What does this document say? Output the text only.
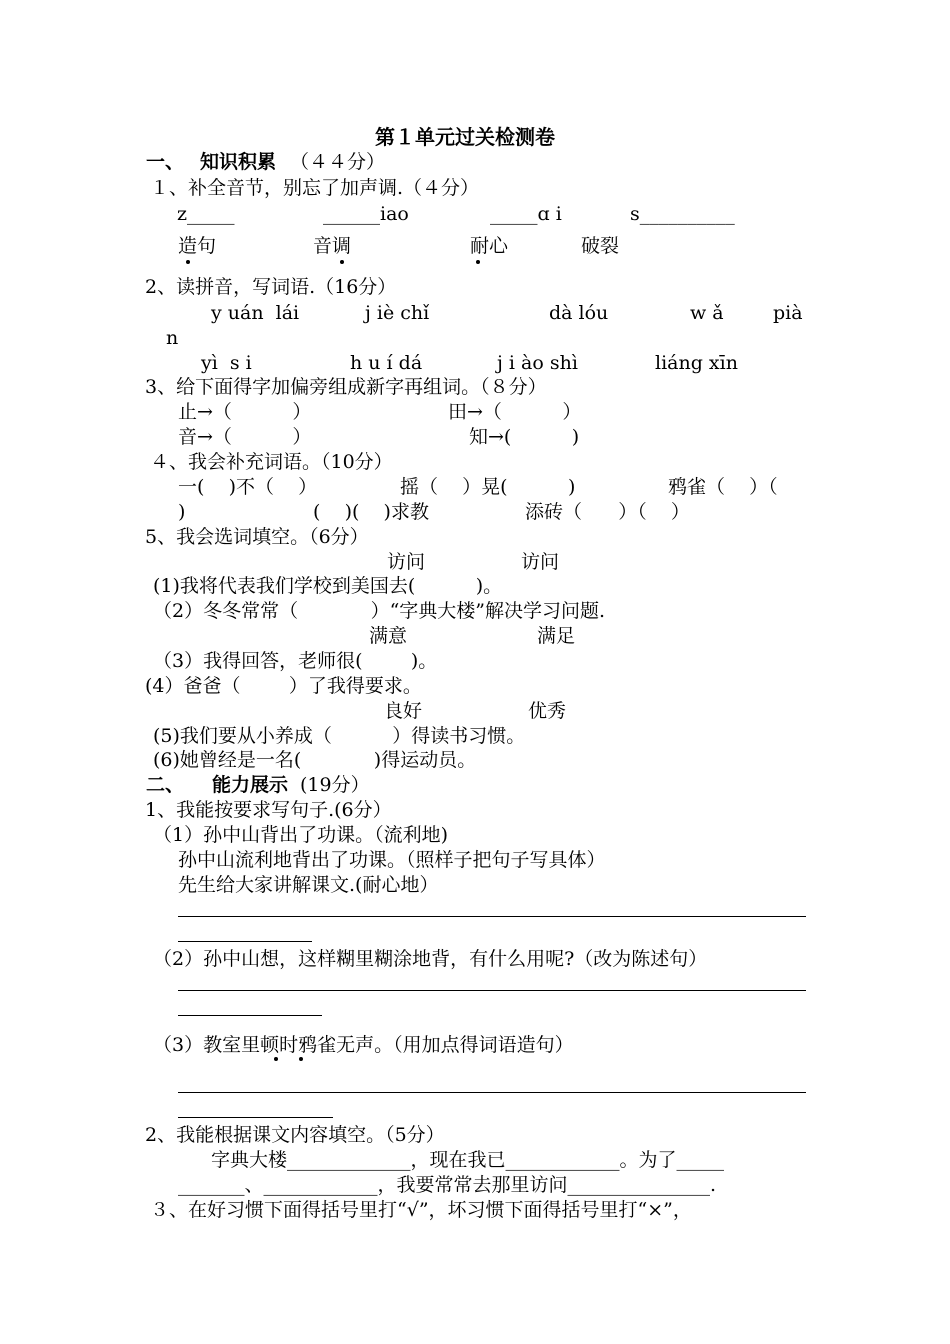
第１单元过关检测卷
一、 知识积累 （４４分）
１、补全音节，别忘了加声调.（４分）
z_____	______iao	_____ɑ i	s__________
造句	音调	耐心	破裂
2、读拼音，写词语.（16分）
y uán  lái	j iè chǐ	dà lóu	w ǎ	pià
n
yì  s i	h u í dá	j i ào shì	liáng xīn
3、给下面得字加偏旁组成新字再组词。（８分）
止→（          ）	田→（          ）
音→（          ）	知→(          )
４、我会补充词语。（10分）
一(    )不（    ）	摇（    ）晃(          )	鸦雀（    ）（
)	(    )(    )求教	添砖（      ）（    ）
5、我会选词填空。（6分）
访问	访问
(1)我将代表我们学校到美国去(          )。
（2）冬冬常常（            ）“字典大楼”解决学习问题.
满意	满足
（3）我得回答，老师很(        )。
(4）爸爸（        ）了我得要求。
良好	优秀
(5)我们要从小养成（          ）得读书习惯。
(6)她曾经是一名(            )得运动员。
二、 能力展示 (19分）
1、我能按要求写句子.(6分）
（1）孙中山背出了功课。（流利地)
孙中山流利地背出了功课。（照样子把句子写具体）
先生给大家讲解课文.(耐心地）
（2）孙中山想，这样糊里糊涂地背，有什么用呢?（改为陈述句）
（3）教室里顿时鸦雀无声。（用加点得词语造句）
2、我能根据课文内容填空。（5分）
字典大楼_____________，现在我已____________。为了_____
_______、____________，我要常常去那里访问_______________.
３、在好习惯下面得括号里打“√”，坏习惯下面得括号里打“×”，
